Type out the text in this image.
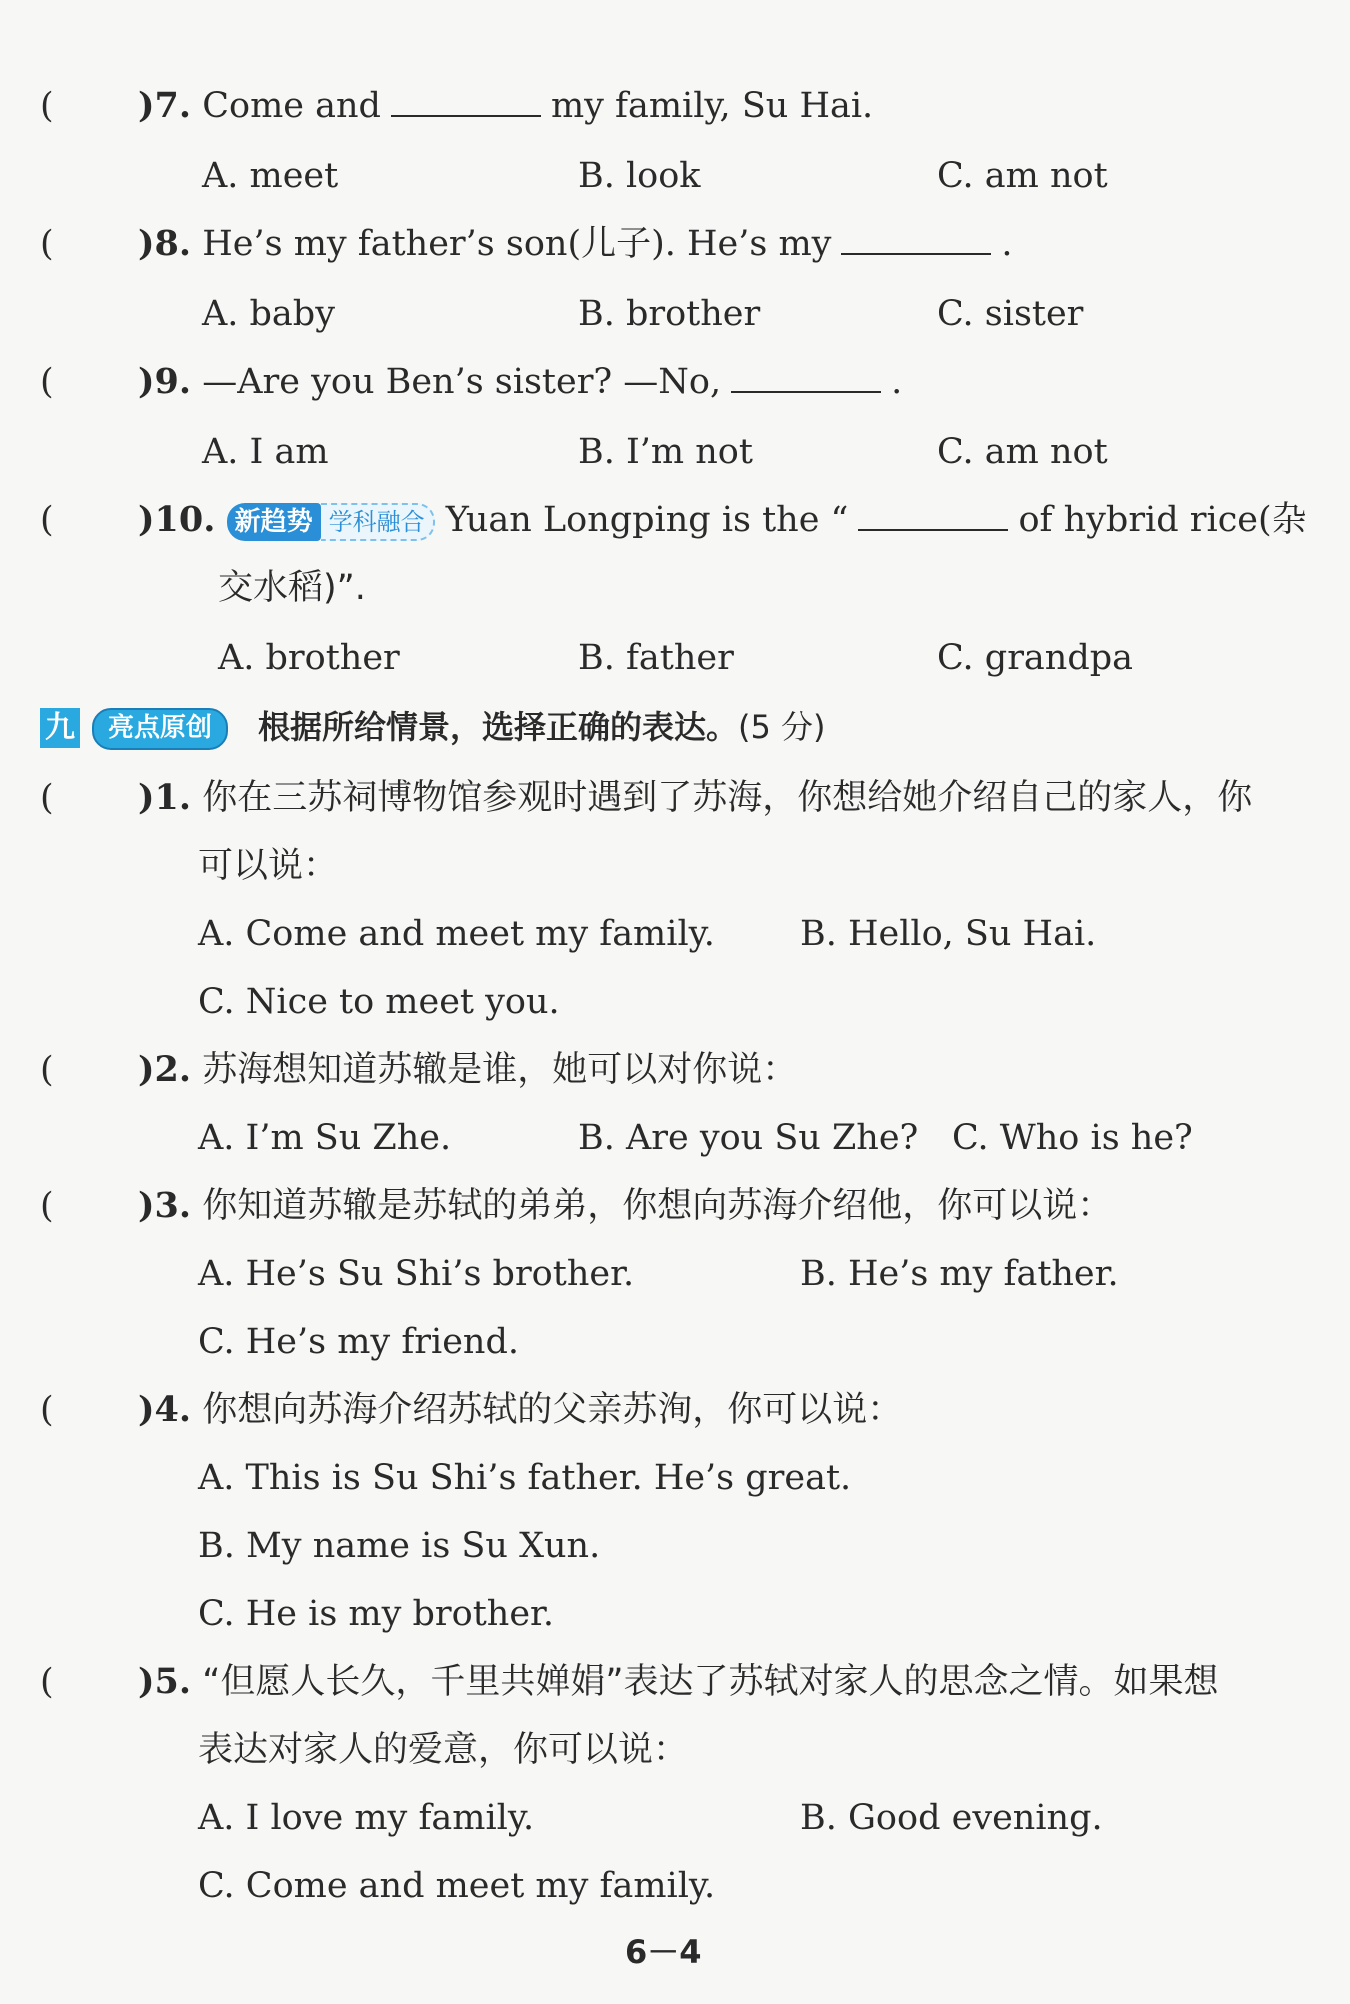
( )7. Come and	my family, Su Hai.
A. meet	B. look	C. am not
( )8. He’s my father’s son(儿子). He’s my	.
A. baby	B. brother	C. sister
( )9. —Are you Ben’s sister? —No,	.
A. I am	B. I’m not	C. am not
( )10. 新趋势 学科融合 Yuan Longping is the “	of hybrid rice(杂
交水稻)”.
A. brother	B. father	C. grandpa
九	亮点原创	根据所给情景，选择正确的表达。(5 分)
( )1. 你在三苏祠博物馆参观时遇到了苏海，你想给她介绍自己的家人，你
可以说：
A. Come and meet my family. B. Hello, Su Hai.
C. Nice to meet you.
( )2. 苏海想知道苏辙是谁，她可以对你说：
A. I’m Su Zhe.	B. Are you Su Zhe? C. Who is he?
( )3. 你知道苏辙是苏轼的弟弟，你想向苏海介绍他，你可以说：
A. He’s Su Shi’s brother.	B. He’s my father.
C. He’s my friend.
( )4. 你想向苏海介绍苏轼的父亲苏洵，你可以说：
A. This is Su Shi’s father. He’s great.
B. My name is Su Xun.
C. He is my brother.
( )5. “但愿人长久，千里共婵娟”表达了苏轼对家人的思念之情。如果想
表达对家人的爱意，你可以说：
A. I love my family.	B. Good evening.
C. Come and meet my family.
6－4
